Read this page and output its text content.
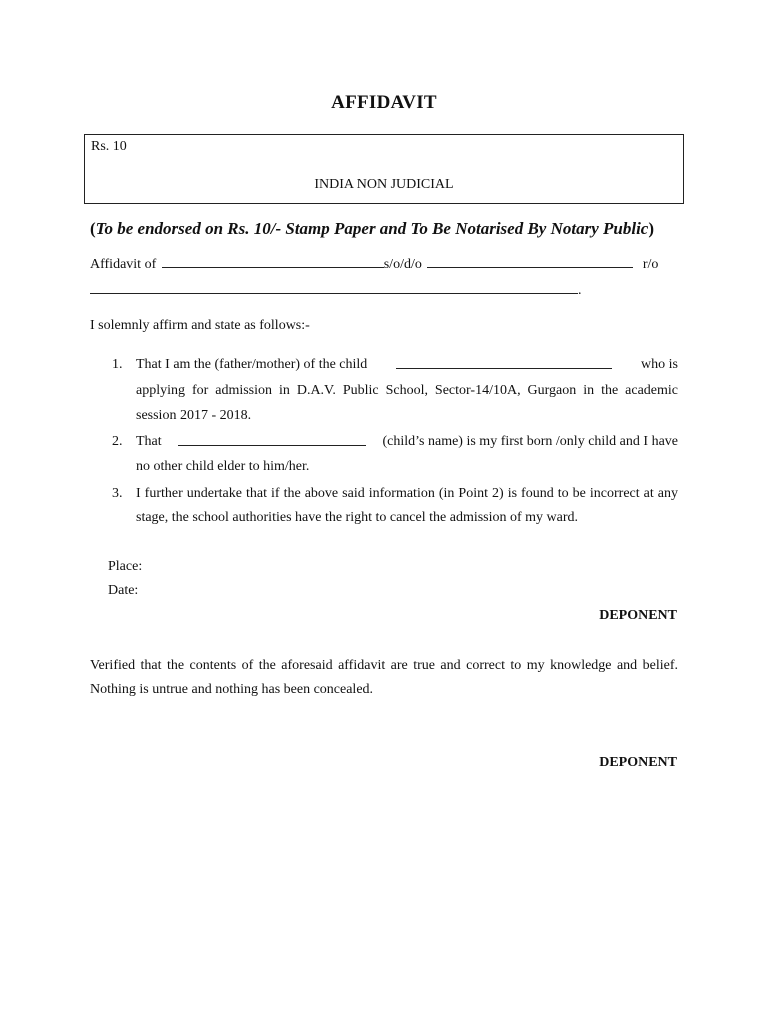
AFFIDAVIT
Rs. 10
INDIA NON JUDICIAL
(To be endorsed on Rs. 10/- Stamp Paper and To Be Notarised By Notary Public)
Affidavit of	s/o/d/o	r/o
.
I solemnly affirm and state as follows:-
1. That I am the (father/mother) of the child	who is
applying for admission in D.A.V. Public School, Sector-14/10A, Gurgaon in the academic
session 2017 - 2018.
2. That	(child’s name) is my first born /only child and I have
no other child elder to him/her.
3. I further undertake that if the above said information (in Point 2) is found to be incorrect at any
stage, the school authorities have the right to cancel the admission of my ward.
Place:
Date:
DEPONENT
Verified that the contents of the aforesaid affidavit are true and correct to my knowledge and belief.
Nothing is untrue and nothing has been concealed.
DEPONENT
